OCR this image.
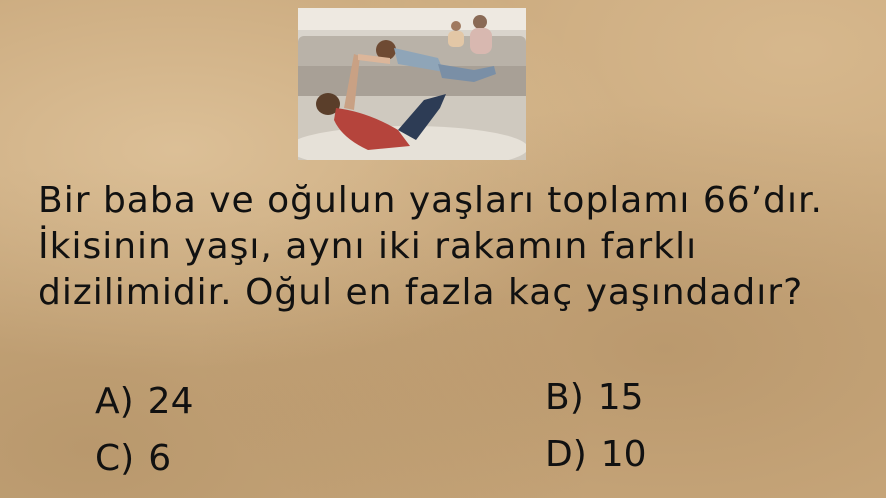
Bir baba ve oğulun yaşları toplamı 66’dır. İkisinin yaşı, aynı iki rakamın farklı dizilimidir. Oğul en fazla kaç yaşındadır?

A) 24	B) 15
C) 6	D) 10
